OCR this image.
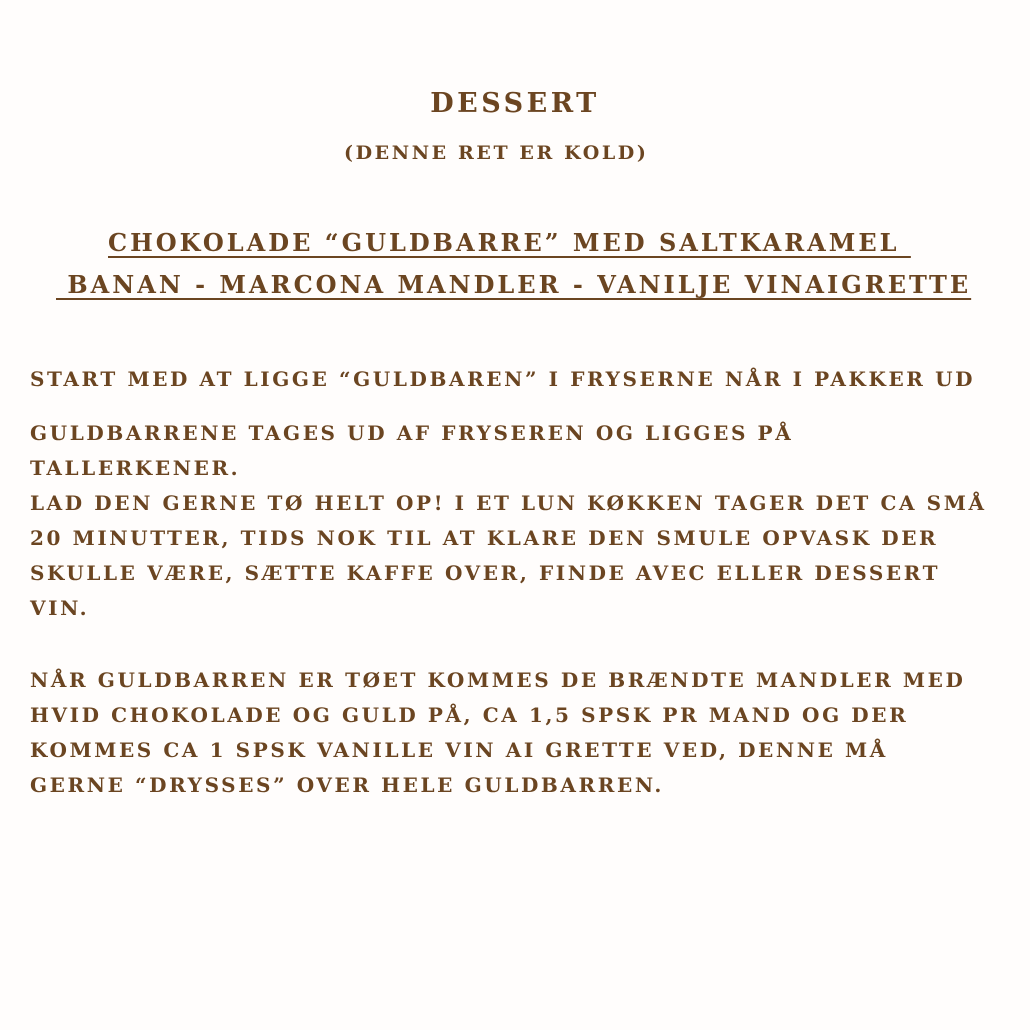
DESSERT
(DENNE RET ER KOLD)
CHOKOLADE “GULDBARRE” MED SALTKARAMEL
BANAN - MARCONA MANDLER - VANILJE VINAIGRETTE

START MED AT LIGGE “GULDBAREN” I FRYSERNE NÅR I PAKKER UD

GULDBARRENE TAGES UD AF FRYSEREN OG LIGGES PÅ TALLERKENER.
LAD DEN GERNE TØ HELT OP! I ET LUN KØKKEN TAGER DET CA SMÅ 20 MINUTTER, TIDS NOK TIL AT KLARE DEN SMULE OPVASK DER SKULLE VÆRE, SÆTTE KAFFE OVER, FINDE AVEC ELLER DESSERT VIN.

NÅR GULDBARREN ER TØET KOMMES DE BRÆNDTE MANDLER MED HVID CHOKOLADE OG GULD PÅ, CA 1,5 SPSK PR MAND OG DER KOMMES CA 1 SPSK VANILLE VIN AI GRETTE VED, DENNE MÅ GERNE “DRYSSES” OVER HELE GULDBARREN.
